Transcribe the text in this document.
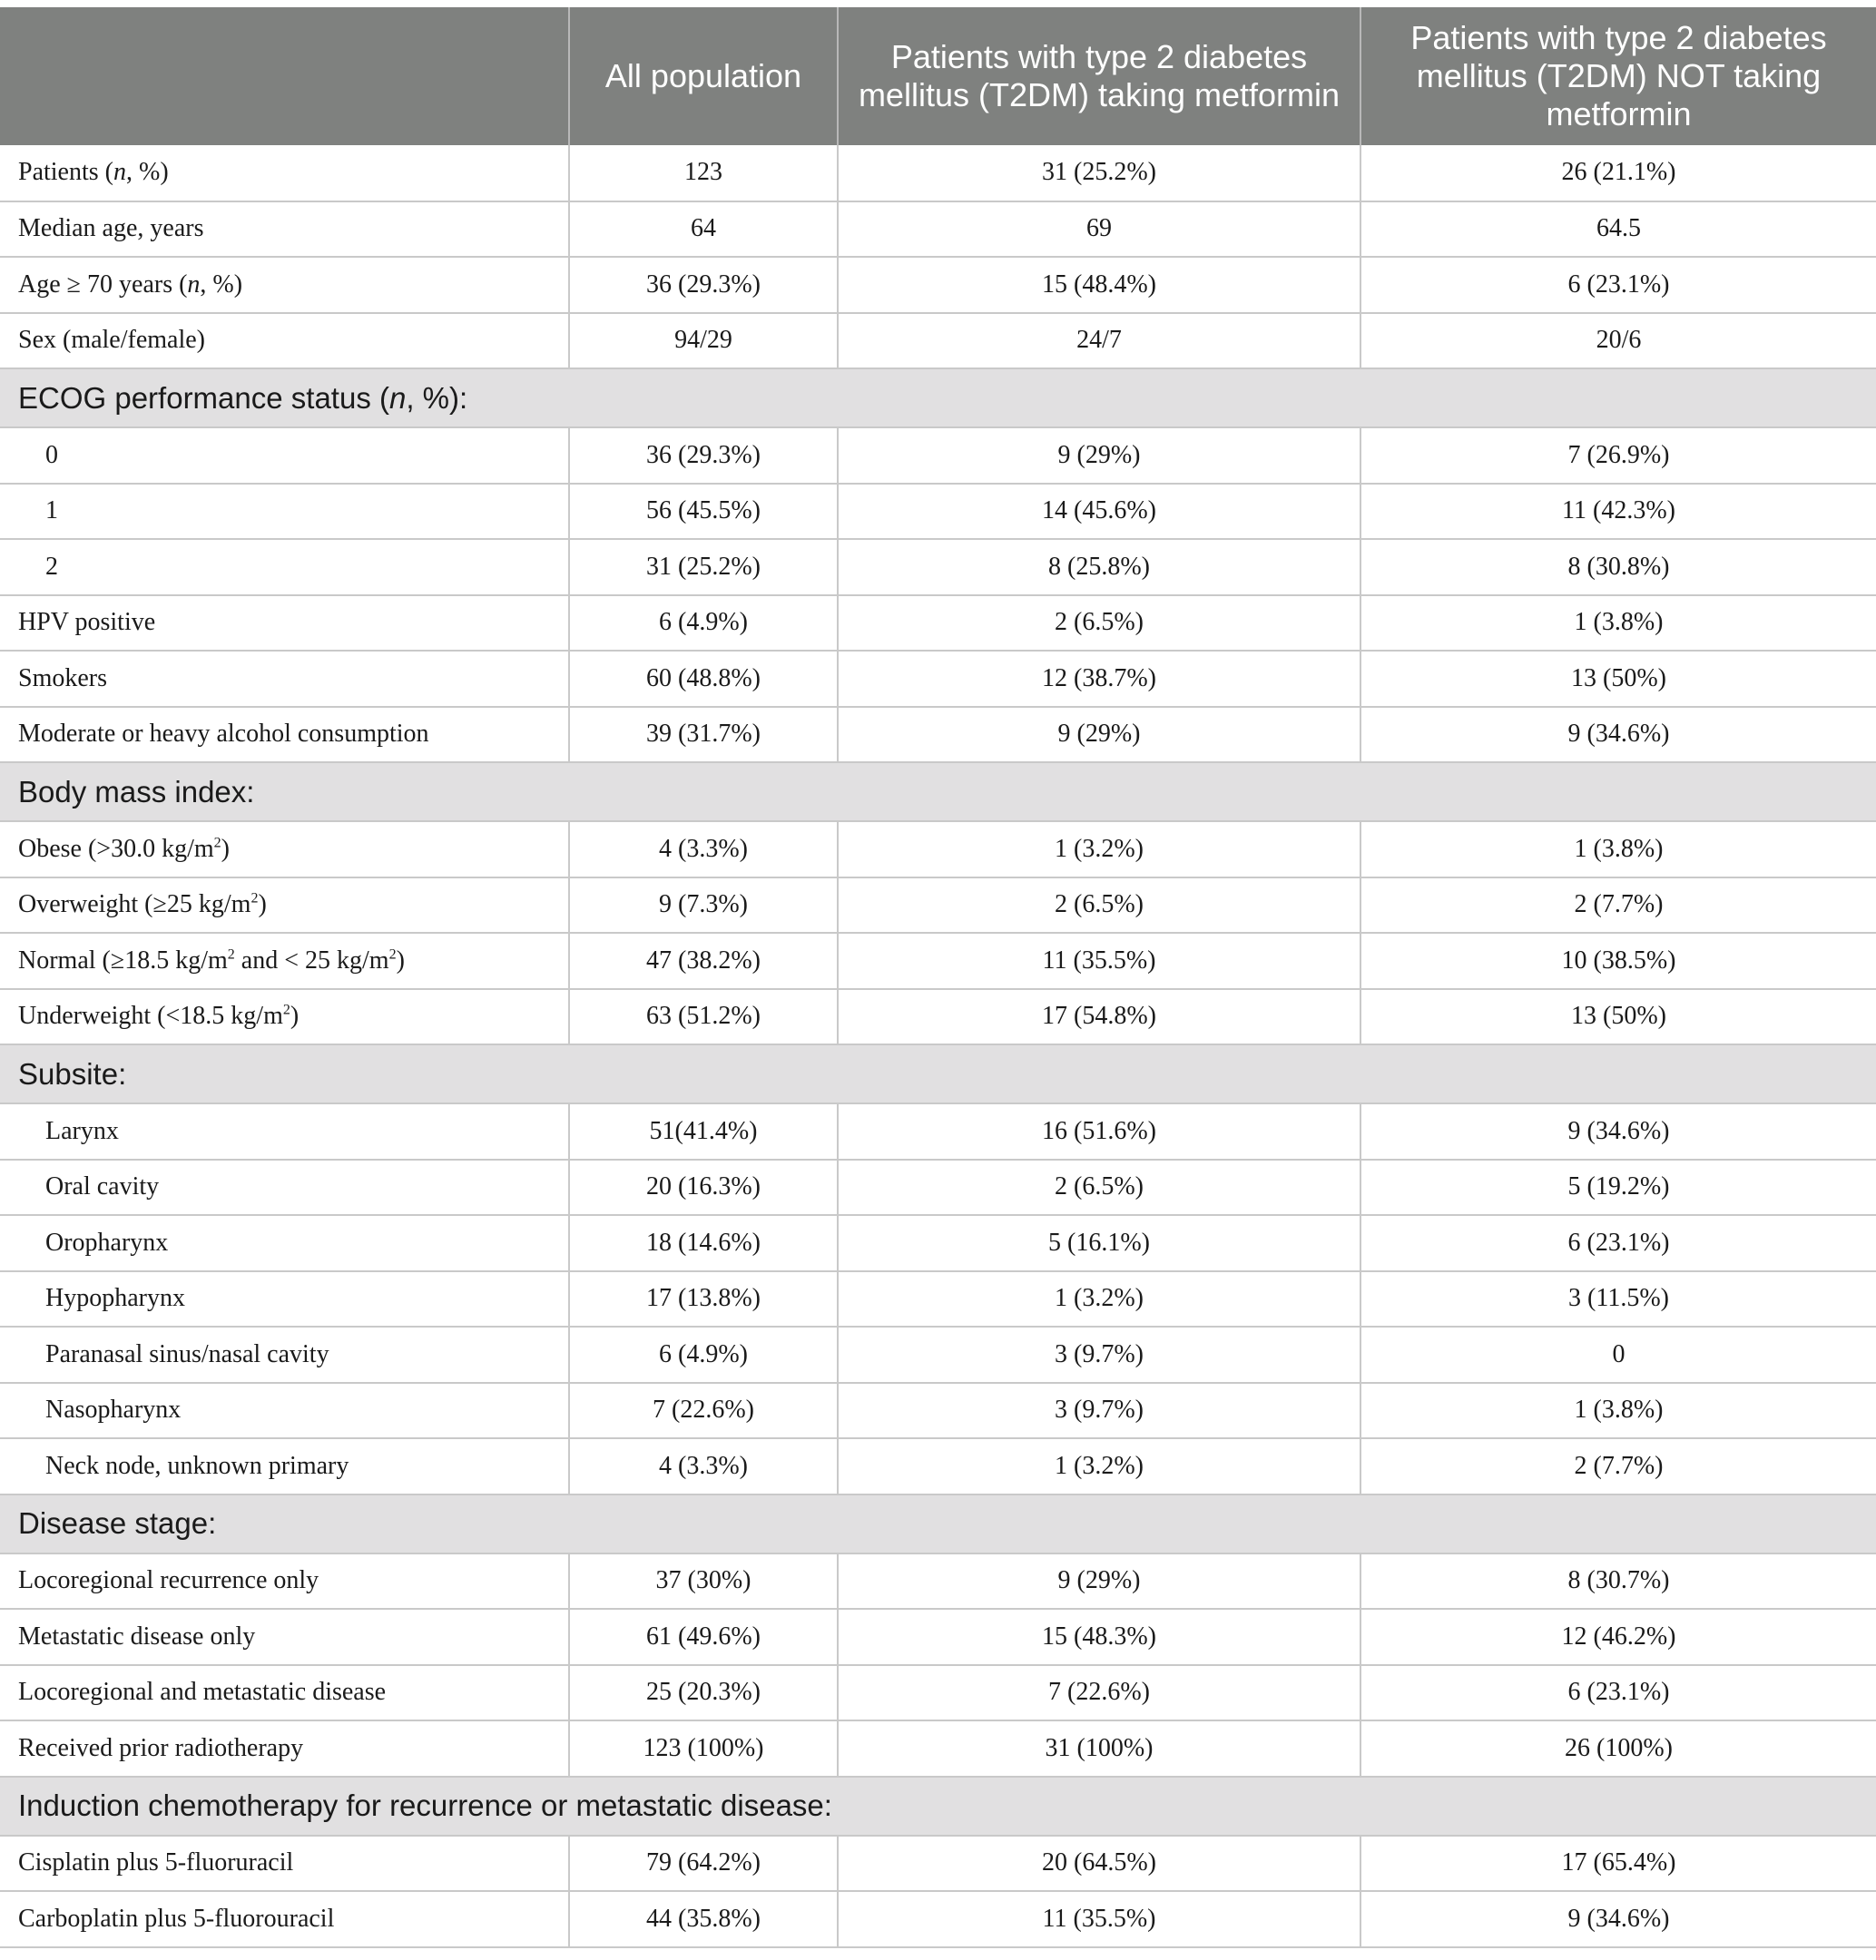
	All population	Patients with type 2 diabetes mellitus (T2DM) taking metformin	Patients with type 2 diabetes mellitus (T2DM) NOT taking metformin
Patients (n, %)	123	31 (25.2%)	26 (21.1%)
Median age, years	64	69	64.5
Age ≥ 70 years (n, %)	36 (29.3%)	15 (48.4%)	6 (23.1%)
Sex (male/female)	94/29	24/7	20/6
ECOG performance status (n, %):			
0	36 (29.3%)	9 (29%)	7 (26.9%)
1	56 (45.5%)	14 (45.6%)	11 (42.3%)
2	31 (25.2%)	8 (25.8%)	8 (30.8%)
HPV positive	6 (4.9%)	2 (6.5%)	1 (3.8%)
Smokers	60 (48.8%)	12 (38.7%)	13 (50%)
Moderate or heavy alcohol consumption	39 (31.7%)	9 (29%)	9 (34.6%)
Body mass index:			
Obese (>30.0 $kg/m^2$)	4 (3.3%)	1 (3.2%)	1 (3.8%)
Overweight (≥25 $kg/m^2$)	9 (7.3%)	2 (6.5%)	2 (7.7%)
Normal (≥18.5 $kg/m^2$ and < 25 $kg/m^2$)	47 (38.2%)	11 (35.5%)	10 (38.5%)
Underweight (<18.5 $kg/m^2$)	63 (51.2%)	17 (54.8%)	13 (50%)
Subsite:			
Larynx	51(41.4%)	16 (51.6%)	9 (34.6%)
Oral cavity	20 (16.3%)	2 (6.5%)	5 (19.2%)
Oropharynx	18 (14.6%)	5 (16.1%)	6 (23.1%)
Hypopharynx	17 (13.8%)	1 (3.2%)	3 (11.5%)
Paranasal sinus/nasal cavity	6 (4.9%)	3 (9.7%)	0
Nasopharynx	7 (22.6%)	3 (9.7%)	1 (3.8%)
Neck node, unknown primary	4 (3.3%)	1 (3.2%)	2 (7.7%)
Disease stage:			
Locoregional recurrence only	37 (30%)	9 (29%)	8 (30.7%)
Metastatic disease only	61 (49.6%)	15 (48.3%)	12 (46.2%)
Locoregional and metastatic disease	25 (20.3%)	7 (22.6%)	6 (23.1%)
Received prior radiotherapy	123 (100%)	31 (100%)	26 (100%)
Induction chemotherapy for recurrence or metastatic disease:			
Cisplatin plus 5-fluoruracil	79 (64.2%)	20 (64.5%)	17 (65.4%)
Carboplatin plus 5-fluorouracil	44 (35.8%)	11 (35.5%)	9 (34.6%)
